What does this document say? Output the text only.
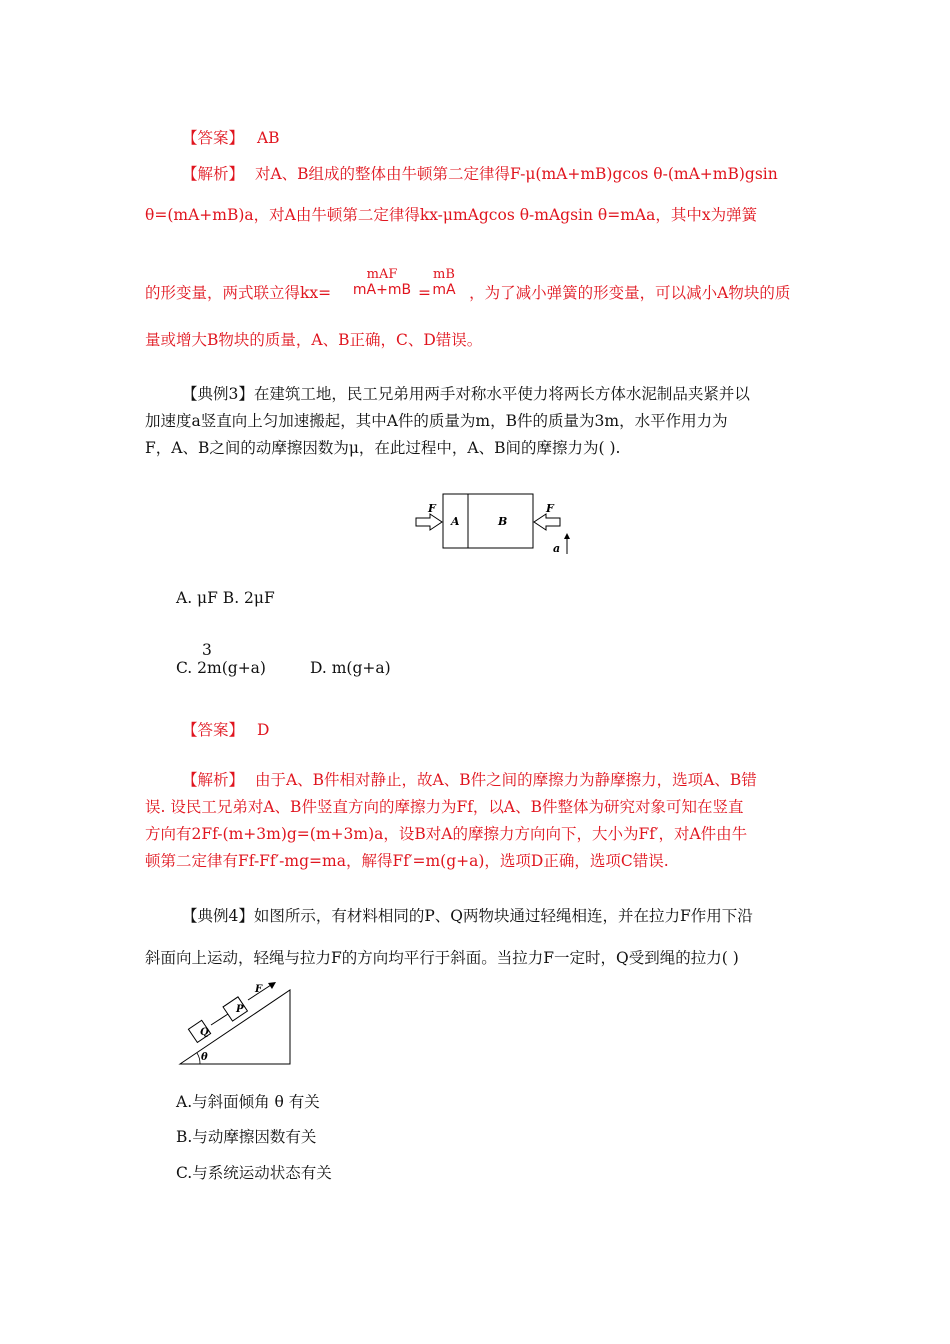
【答案】 AB
【解析】 对A、B组成的整体由牛顿第二定律得F-μ(mA+mB)gcos θ-(mA+mB)gsin
θ=(mA+mB)a，对A由牛顿第二定律得kx-μmAgcos θ-mAgsin θ=mAa，其中x为弹簧
的形变量，两式联立得kx=	，为了减小弹簧的形变量，可以减小A物块的质
mAF
mA+mB =
mB
mA
量或增大B物块的质量，A、B正确，C、D错误。
【典例3】在建筑工地，民工兄弟用两手对称水平使力将两长方体水泥制品夹紧并以
加速度a竖直向上匀加速搬起，其中A件的质量为m，B件的质量为3m，水平作用力为
F，A、B之间的动摩擦因数为μ，在此过程中，A、B间的摩擦力为( ).
F
A	B
F
a
A. μF B. 2μF
3
C. 2m(g+a)	D. m(g+a)
【答案】 D
【解析】 由于A、B件相对静止，故A、B件之间的摩擦力为静摩擦力，选项A、B错
误. 设民工兄弟对A、B件竖直方向的摩擦力为Ff，以A、B件整体为研究对象可知在竖直
方向有2Ff-(m+3m)g=(m+3m)a，设B对A的摩擦力方向向下，大小为Ff′，对A件由牛
顿第二定律有Ff-Ff′-mg=ma，解得Ff′=m(g+a)，选项D正确，选项C错误.
【典例4】如图所示，有材料相同的P、Q两物块通过轻绳相连，并在拉力F作用下沿
斜面向上运动，轻绳与拉力F的方向均平行于斜面。当拉力F一定时，Q受到绳的拉力( )
θ
Q
P
F
A.与斜面倾角 θ 有关
B.与动摩擦因数有关
C.与系统运动状态有关
